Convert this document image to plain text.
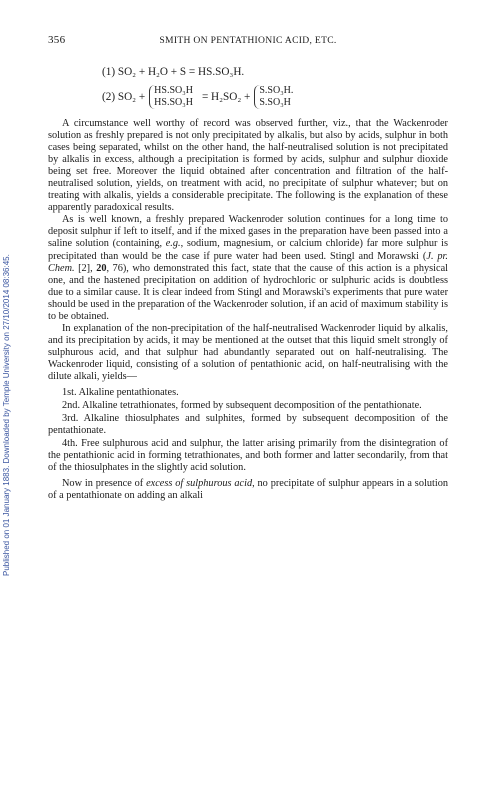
Published on 01 January 1883. Downloaded by Temple University on 27/10/2014 08:36:45.
356	SMITH ON PENTATHIONIC ACID, ETC.
(1) SO₂ + H₂O + S = HS.SO₃H.
(2) SO₂ +
HS.SO₃H
HS.SO₃H = H₂SO₂ +
S.SO₃H.
S.SO₃H

A circumstance well worthy of record was observed further, viz., that the Wackenroder solution as freshly prepared is not only precipitated by alkalis, but also by acids, sulphur in both cases being separated, whilst on the other hand, the half-neutralised solution is not precipitated by alkalis in excess, although a precipitation is formed by acids, sulphur and sulphur dioxide being set free. Moreover the liquid obtained after concentration and filtration of the half-neutralised solution, yields, on treatment with acid, no precipitate of sulphur whatever; but on treating with alkalis, yields a considerable precipitate. The following is the explanation of these apparently paradoxical results.

As is well known, a freshly prepared Wackenroder solution continues for a long time to deposit sulphur if left to itself, and if the mixed gases in the preparation have been passed into a saline solution (containing, e.g., sodium, magnesium, or calcium chloride) far more sulphur is precipitated than would be the case if pure water had been used. Stingl and Morawski (J. pr. Chem. [2], 20, 76), who demonstrated this fact, state that the cause of this action is a physical one, and the hastened precipitation on addition of hydrochloric or sulphuric acids is doubtless due to a similar cause. It is clear indeed from Stingl and Morawski's experiments that pure water should be used in the preparation of the Wackenroder solution, if an acid of maximum stability is to be obtained.

In explanation of the non-precipitation of the half-neutralised Wackenroder liquid by alkalis, and its precipitation by acids, it may be mentioned at the outset that this liquid smelt strongly of sulphurous acid, and that sulphur had abundantly separated out on half-neutralising. The Wackenroder liquid, consisting of a solution of pentathionic acid, on half-neutralising with the dilute alkali, yields—

1st. Alkaline pentathionates.

2nd. Alkaline tetrathionates, formed by subsequent decomposition of the pentathionate.

3rd. Alkaline thiosulphates and sulphites, formed by subsequent decomposition of the pentathionate.

4th. Free sulphurous acid and sulphur, the latter arising primarily from the disintegration of the pentathionic acid in forming tetrathionates, and both former and latter secondarily, from that of the thiosulphates in the slightly acid solution.

Now in presence of excess of sulphurous acid, no precipitate of sulphur appears in a solution of a pentathionate on adding an alkali
